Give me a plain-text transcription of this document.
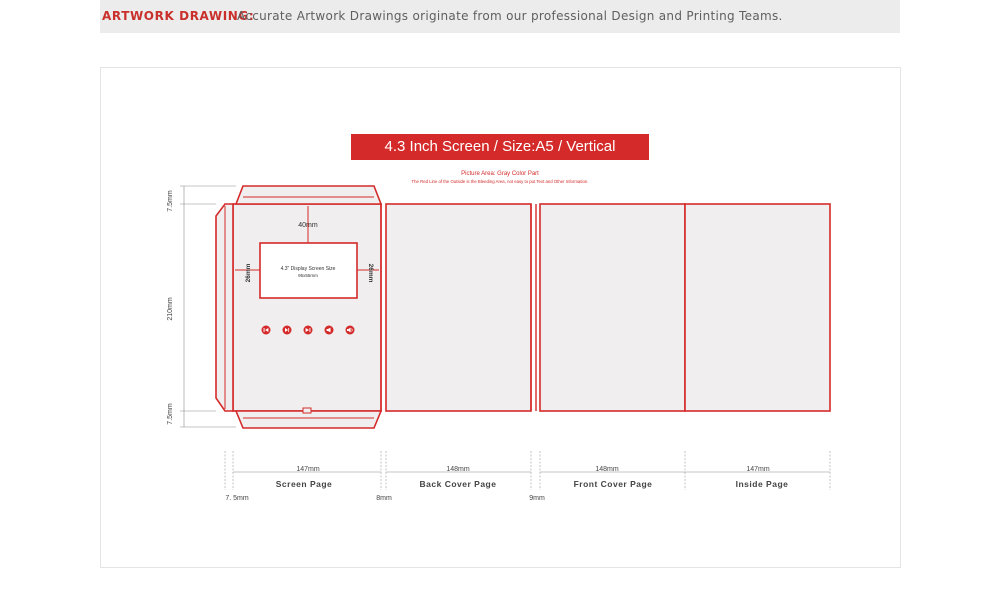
ARTWORK DRAWING:
Accurate Artwork Drawings originate from our professional Design and Printing Teams.
4.3 Inch Screen / Size:A5 / Vertical
Picture Area: Gray Color Part
The Red Line of the Outside is the Bleeding Area, not easy to put Text and Other Information.
40mm
4.3" Display Screen Size
95x55mm
26mm	26mm
7.5mm
210mm
7.5mm
147mm	148mm	148mm	147mm
Screen Page	Back Cover Page	Front Cover Page	Inside Page
7. 5mm	8mm	9mm
